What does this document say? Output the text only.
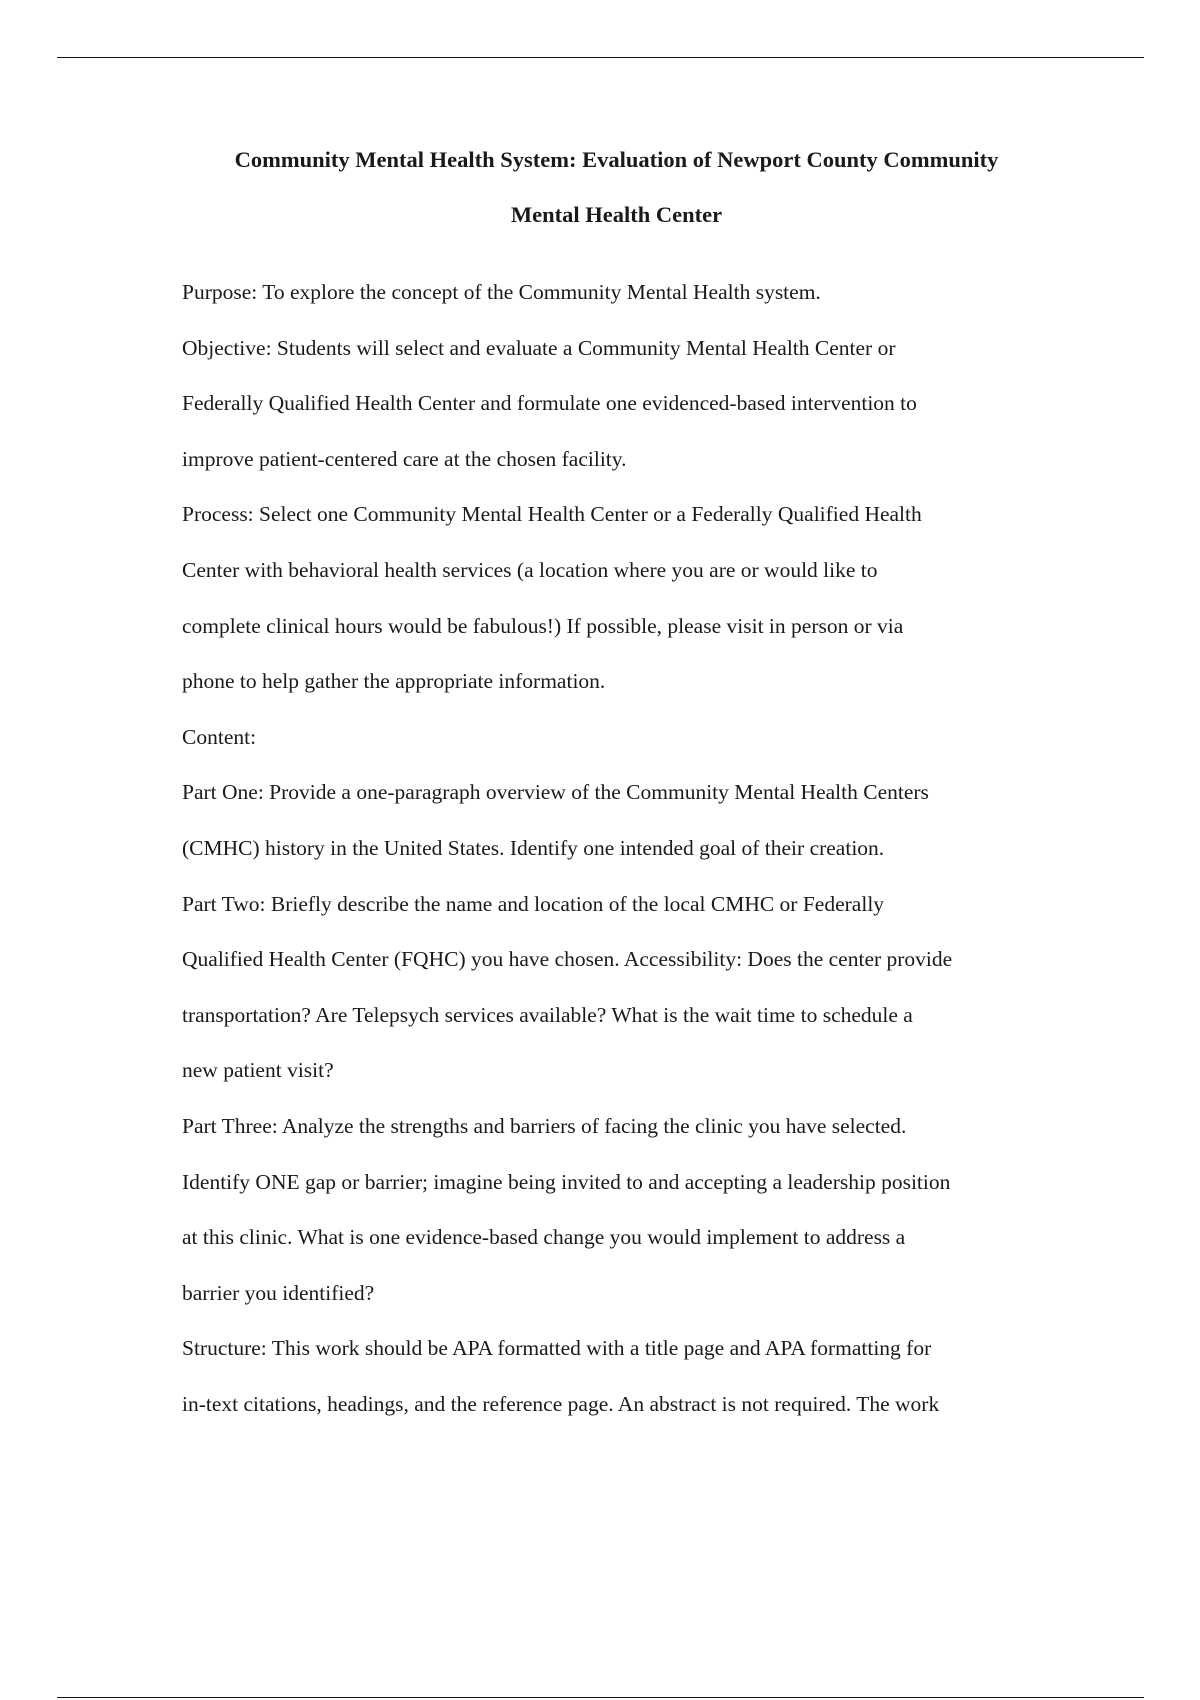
Community Mental Health System: Evaluation of Newport County Community
Mental Health Center

Purpose: To explore the concept of the Community Mental Health system.

Objective: Students will select and evaluate a Community Mental Health Center or

Federally Qualified Health Center and formulate one evidenced-based intervention to

improve patient-centered care at the chosen facility.

Process: Select one Community Mental Health Center or a Federally Qualified Health

Center with behavioral health services (a location where you are or would like to

complete clinical hours would be fabulous!) If possible, please visit in person or via

phone to help gather the appropriate information.

Content:

Part One: Provide a one-paragraph overview of the Community Mental Health Centers

(CMHC) history in the United States. Identify one intended goal of their creation.

Part Two: Briefly describe the name and location of the local CMHC or Federally

Qualified Health Center (FQHC) you have chosen. Accessibility: Does the center provide

transportation? Are Telepsych services available? What is the wait time to schedule a

new patient visit?

Part Three: Analyze the strengths and barriers of facing the clinic you have selected.

Identify ONE gap or barrier; imagine being invited to and accepting a leadership position

at this clinic. What is one evidence-based change you would implement to address a

barrier you identified?

Structure: This work should be APA formatted with a title page and APA formatting for

in-text citations, headings, and the reference page. An abstract is not required. The work
